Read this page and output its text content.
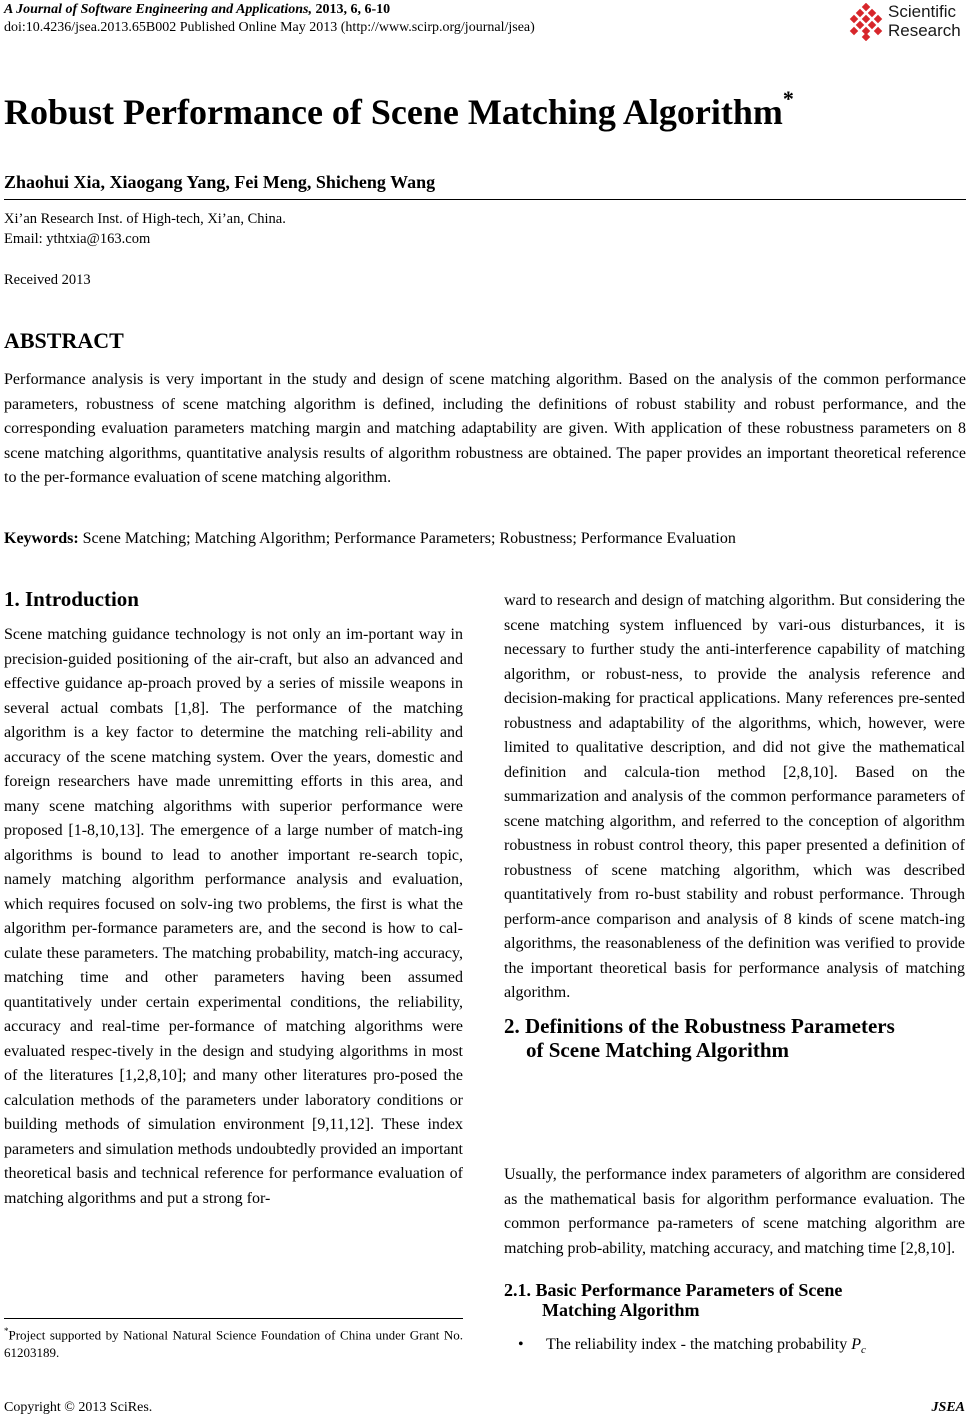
A Journal of Software Engineering and Applications, 2013, 6, 6-10
doi:10.4236/jsea.2013.65B002 Published Online May 2013 (http://www.scirp.org/journal/jsea)
Scientific
Research
Robust Performance of Scene Matching Algorithm*
Zhaohui Xia, Xiaogang Yang, Fei Meng, Shicheng Wang
Xi’an Research Inst. of High-tech, Xi’an, China.
Email: ythtxia@163.com
Received 2013
ABSTRACT
Performance analysis is very important in the study and design of scene matching algorithm. Based on the analysis of the common performance parameters, robustness of scene matching algorithm is defined, including the definitions of robust stability and robust performance, and the corresponding evaluation parameters matching margin and matching adaptability are given. With application of these robustness parameters on 8 scene matching algorithms, quantitative analysis results of algorithm robustness are obtained. The paper provides an important theoretical reference to the per-formance evaluation of scene matching algorithm.
Keywords: Scene Matching; Matching Algorithm; Performance Parameters; Robustness; Performance Evaluation
1. Introduction
Scene matching guidance technology is not only an im-portant way in precision-guided positioning of the air-craft, but also an advanced and effective guidance ap-proach proved by a series of missile weapons in several actual combats [1,8]. The performance of the matching algorithm is a key factor to determine the matching reli-ability and accuracy of the scene matching system. Over the years, domestic and foreign researchers have made unremitting efforts in this area, and many scene matching algorithms with superior performance were proposed [1-8,10,13]. The emergence of a large number of match-ing algorithms is bound to lead to another important re-search topic, namely matching algorithm performance analysis and evaluation, which requires focused on solv-ing two problems, the first is what the algorithm per-formance parameters are, and the second is how to cal-culate these parameters. The matching probability, match-ing accuracy, matching time and other parameters having been assumed quantitatively under certain experimental conditions, the reliability, accuracy and real-time per-formance of matching algorithms were evaluated respec-tively in the design and studying algorithms in most of the literatures [1,2,8,10]; and many other literatures pro-posed the calculation methods of the parameters under laboratory conditions or building methods of simulation environment [9,11,12]. These index parameters and simulation methods undoubtedly provided an important theoretical basis and technical reference for performance evaluation of matching algorithms and put a strong for-
ward to research and design of matching algorithm. But considering the scene matching system influenced by vari-ous disturbances, it is necessary to further study the anti-interference capability of matching algorithm, or robust-ness, to provide the analysis reference and decision-making for practical applications. Many references pre-sented robustness and adaptability of the algorithms, which, however, were limited to qualitative description, and did not give the mathematical definition and calcula-tion method [2,8,10]. Based on the summarization and analysis of the common performance parameters of scene matching algorithm, and referred to the conception of algorithm robustness in robust control theory, this paper presented a definition of robustness of scene matching algorithm, which was described quantitatively from ro-bust stability and robust performance. Through perform-ance comparison and analysis of 8 kinds of scene match-ing algorithms, the reasonableness of the definition was verified to provide the important theoretical basis for performance analysis of matching algorithm.
2. Definitions of the Robustness Parameters
of Scene Matching Algorithm
Usually, the performance index parameters of algorithm are considered as the mathematical basis for algorithm performance evaluation. The common performance pa-rameters of scene matching algorithm are matching prob-ability, matching accuracy, and matching time [2,8,10].
2.1. Basic Performance Parameters of Scene
Matching Algorithm
• The reliability index - the matching probability $P_c$
*Project supported by National Natural Science Foundation of China under Grant No. 61203189.
Copyright © 2013 SciRes.	JSEA
